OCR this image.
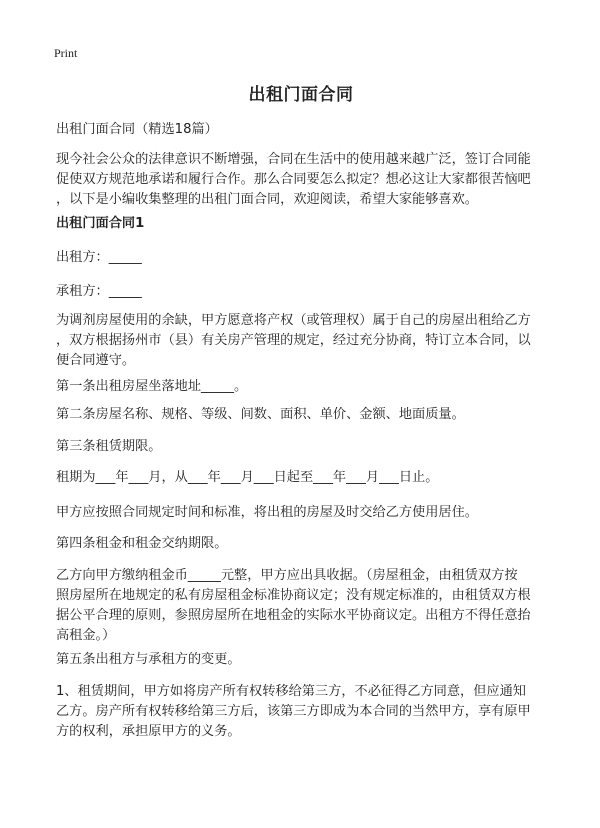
Print
出租门面合同

出租门面合同（精选18篇）

现今社会公众的法律意识不断增强，合同在生活中的使用越来越广泛，签订合同能
促使双方规范地承诺和履行合作。那么合同要怎么拟定？想必这让大家都很苦恼吧
，以下是小编收集整理的出租门面合同，欢迎阅读，希望大家能够喜欢。

出租门面合同1

出租方：_____

承租方：_____

为调剂房屋使用的余缺，甲方愿意将产权（或管理权）属于自己的房屋出租给乙方
，双方根据扬州市（县）有关房产管理的规定，经过充分协商，特订立本合同，以
便合同遵守。

第一条出租房屋坐落地址_____。

第二条房屋名称、规格、等级、间数、面积、单价、金额、地面质量。

第三条租赁期限。

租期为___年___月，从___年___月___日起至___年___月___日止。

甲方应按照合同规定时间和标准，将出租的房屋及时交给乙方使用居住。

第四条租金和租金交纳期限。

乙方向甲方缴纳租金币_____元整，甲方应出具收据。（房屋租金，由租赁双方按
照房屋所在地规定的私有房屋租金标准协商议定；没有规定标准的，由租赁双方根
据公平合理的原则，参照房屋所在地租金的实际水平协商议定。出租方不得任意抬
高租金。）

第五条出租方与承租方的变更。

1、租赁期间，甲方如将房产所有权转移给第三方，不必征得乙方同意，但应通知
乙方。房产所有权转移给第三方后，该第三方即成为本合同的当然甲方，享有原甲
方的权利，承担原甲方的义务。
